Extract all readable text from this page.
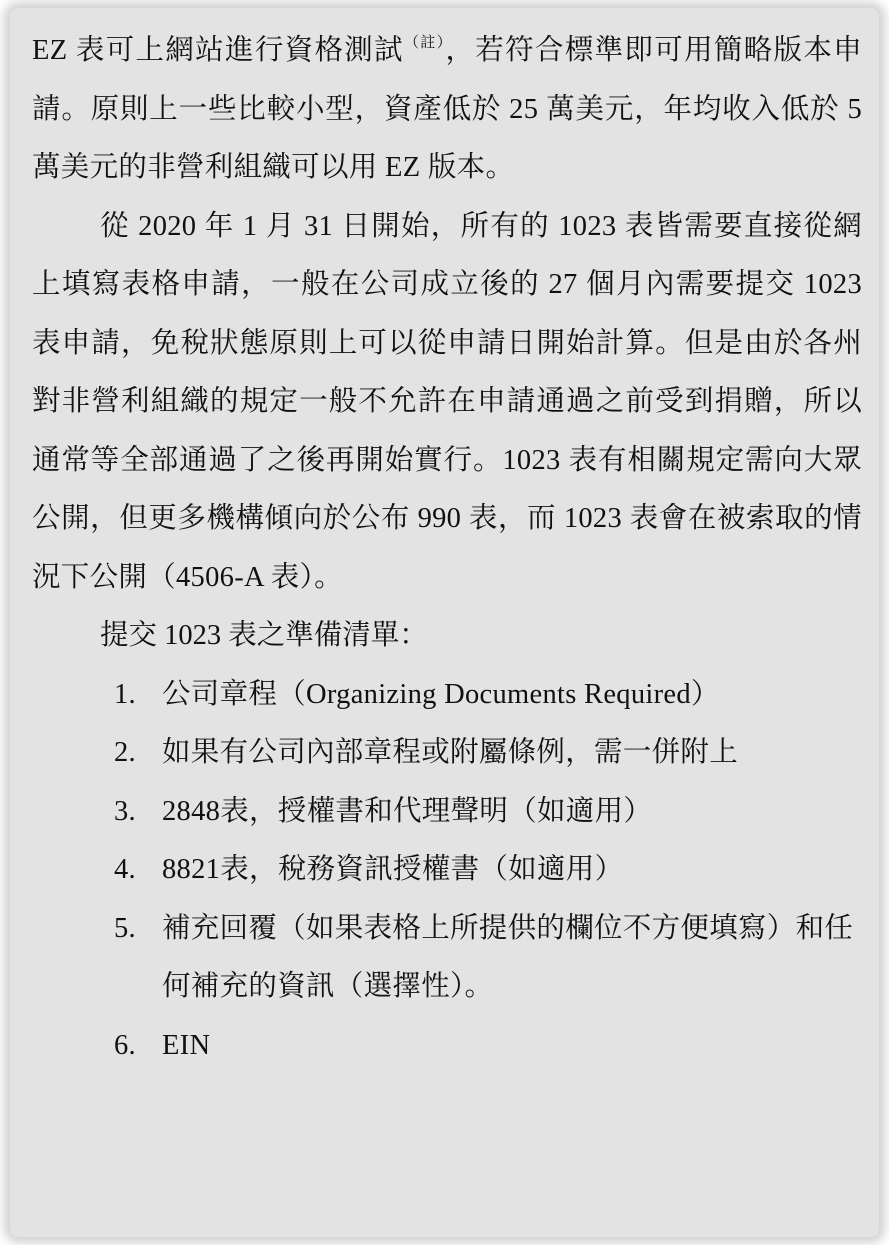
EZ 表可上網站進行資格測試$^{(註)}$，若符合標準即可用簡略版本申請。原則上一些比較小型，資產低於 25 萬美元，年均收入低於 5 萬美元的非營利組織可以用 EZ 版本。

從 2020 年 1 月 31 日開始，所有的 1023 表皆需要直接從網上填寫表格申請，一般在公司成立後的 27 個月內需要提交 1023 表申請，免稅狀態原則上可以從申請日開始計算。但是由於各州對非營利組織的規定一般不允許在申請通過之前受到捐贈，所以通常等全部通過了之後再開始實行。1023 表有相關規定需向大眾公開，但更多機構傾向於公布 990 表，而 1023 表會在被索取的情況下公開（4506-A 表）。

提交 1023 表之準備清單：

1. 公司章程（Organizing Documents Required）
2. 如果有公司內部章程或附屬條例，需一併附上
3. 2848表，授權書和代理聲明（如適用）
4. 8821表，稅務資訊授權書（如適用）
5. 補充回覆（如果表格上所提供的欄位不方便填寫）和任何補充的資訊（選擇性）。
6. EIN
